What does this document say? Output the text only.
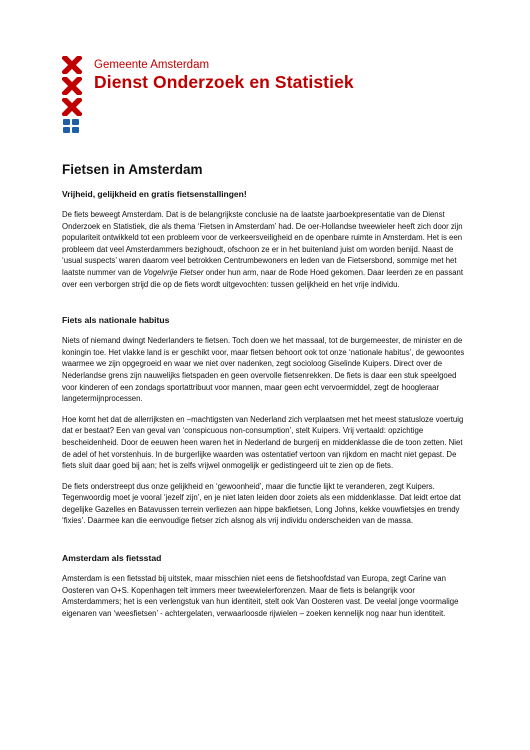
Gemeente Amsterdam
Dienst Onderzoek en Statistiek
Fietsen in Amsterdam
Vrijheid, gelijkheid en gratis fietsenstallingen!

De fiets beweegt Amsterdam. Dat is de belangrijkste conclusie na de laatste jaarboekpresentatie van de Dienst Onderzoek en Statistiek, die als thema ‘Fietsen in Amsterdam’ had. De oer-Hollandse tweewieler heeft zich door zijn populariteit ontwikkeld tot een probleem voor de verkeersveiligheid en de openbare ruimte in Amsterdam. Het is een probleem dat veel Amsterdammers bezighoudt, ofschoon ze er in het buitenland juist om worden benijd. Naast de ‘usual suspects’ waren daarom veel betrokken Centrumbewoners en leden van de Fietsersbond, sommige met het laatste nummer van de Vogelvrije Fietser onder hun arm, naar de Rode Hoed gekomen. Daar leerden ze en passant over een verborgen strijd die op de fiets wordt uitgevochten: tussen gelijkheid en het vrije individu.

Fiets als nationale habitus

Niets of niemand dwingt Nederlanders te fietsen. Toch doen we het massaal, tot de burgemeester, de minister en de koningin toe. Het vlakke land is er geschikt voor, maar fietsen behoort ook tot onze ‘nationale habitus’, de gewoontes waarmee we zijn opgegroeid en waar we niet over nadenken, zegt socioloog Giselinde Kuipers. Direct over de Nederlandse grens zijn nauwelijks fietspaden en geen overvolle fietsenrekken. De fiets is daar een stuk speelgoed voor kinderen of een zondags sportattribuut voor mannen, maar geen echt vervoermiddel, zegt de hoogleraar langetermijnprocessen.

Hoe komt het dat de allerrijksten en –machtigsten van Nederland zich verplaatsen met het meest statusloze voertuig dat er bestaat? Een van geval van ‘conspicuous non-consumption’, stelt Kuipers. Vrij vertaald: opzichtige bescheidenheid. Door de eeuwen heen waren het in Nederland de burgerij en middenklasse die de toon zetten. Niet de adel of het vorstenhuis. In de burgerlijke waarden was ostentatief vertoon van rijkdom en macht niet gepast. De fiets sluit daar goed bij aan; het is zelfs vrijwel onmogelijk er gedistingeerd uit te zien op de fiets.

De fiets onderstreept dus onze gelijkheid en ‘gewoonheid’, maar die functie lijkt te veranderen, zegt Kuipers. Tegenwoordig moet je vooral ‘jezelf zijn’, en je niet laten leiden door zoiets als een middenklasse. Dat leidt ertoe dat degelijke Gazelles en Batavussen terrein verliezen aan hippe bakfietsen, Long Johns, kekke vouwfietsjes en trendy ‘fixies’. Daarmee kan die eenvoudige fietser zich alsnog als vrij individu onderscheiden van de massa.

Amsterdam als fietsstad

Amsterdam is een fietsstad bij uitstek, maar misschien niet eens de fietshoofdstad van Europa, zegt Carine van Oosteren van O+S. Kopenhagen telt immers meer tweewielerforenzen. Maar de fiets is belangrijk voor Amsterdammers; het is een verlengstuk van hun identiteit, stelt ook Van Oosteren vast. De veelal jonge voormalige eigenaren van ‘weesfietsen’ - achtergelaten, verwaarloosde rijwielen – zoeken kennelijk nog naar hun identiteit.
